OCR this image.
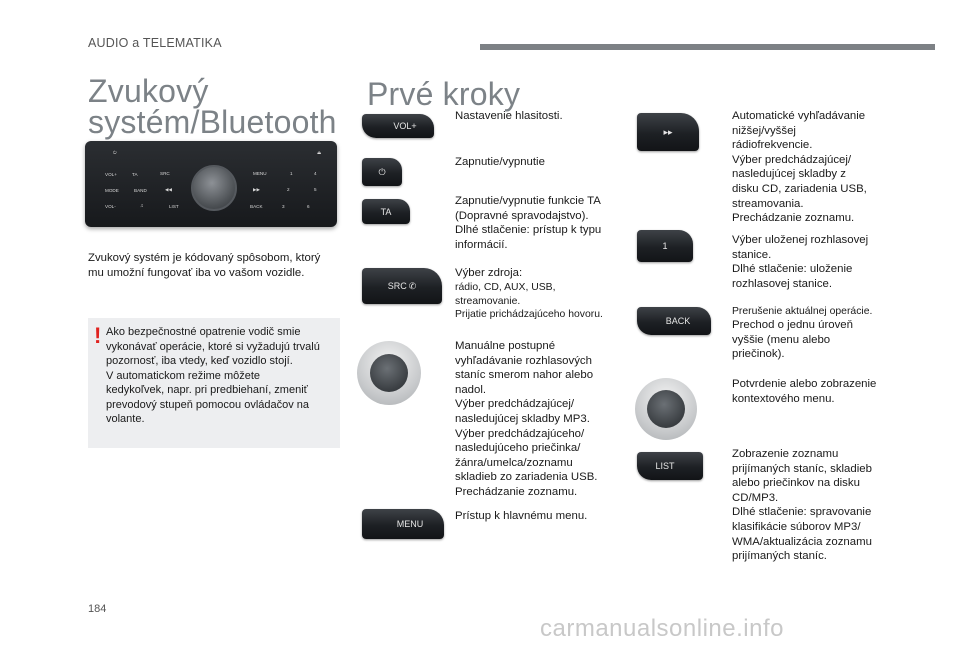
AUDIO a TELEMATIKA
Zvukový
systém/Bluetooth
⏻	⏏
VOL+	TA	SRC	MENU	1	4
MODE	BAND	◀◀	▶▶	2	5
VOL-	♫	LIST	BACK	3	6
Zvukový systém je kódovaný spôsobom, ktorý
mu umožní fungovať iba vo vašom vozidle.
! Ako bezpečnostné opatrenie vodič smie
vykonávať operácie, ktoré si vyžadujú trvalú
pozornosť, iba vtedy, keď vozidlo stojí.
V automatickom režime môžete
kedykoľvek, napr. pri predbiehaní, zmeniť
prevodový stupeň pomocou ovládačov na
volante.
Prvé kroky
VOL+
Nastavenie hlasitosti.
⏻
Zapnutie/vypnutie
TA
Zapnutie/vypnutie funkcie TA
(Dopravné spravodajstvo).
Dlhé stlačenie: prístup k typu
informácií.
SRC ✆
Výber zdroja:
rádio, CD, AUX, USB,
streamovanie.
Prijatie prichádzajúceho hovoru.
Manuálne postupné
vyhľadávanie rozhlasových
staníc smerom nahor alebo
nadol.
Výber predchádzajúcej/
nasledujúcej skladby MP3.
Výber predchádzajúceho/
nasledujúceho priečinka/
žánra/umelca/zoznamu
skladieb zo zariadenia USB.
Prechádzanie zoznamu.
MENU
Prístup k hlavnému menu.
▸▸
Automatické vyhľadávanie
nižšej/vyššej
rádiofrekvencie.
Výber predchádzajúcej/
nasledujúcej skladby z
disku CD, zariadenia USB,
streamovania.
Prechádzanie zoznamu.
1	Výber uloženej rozhlasovej
stanice.
Dlhé stlačenie: uloženie
rozhlasovej stanice.
BACK
Prerušenie aktuálnej operácie.
Prechod o jednu úroveň
vyššie (menu alebo
priečinok).
Potvrdenie alebo zobrazenie
kontextového menu.
LIST
Zobrazenie zoznamu
prijímaných staníc, skladieb
alebo priečinkov na disku
CD/MP3.
Dlhé stlačenie: spravovanie
klasifikácie súborov MP3/
WMA/aktualizácia zoznamu
prijímaných staníc.
184
carmanualsonline.info
